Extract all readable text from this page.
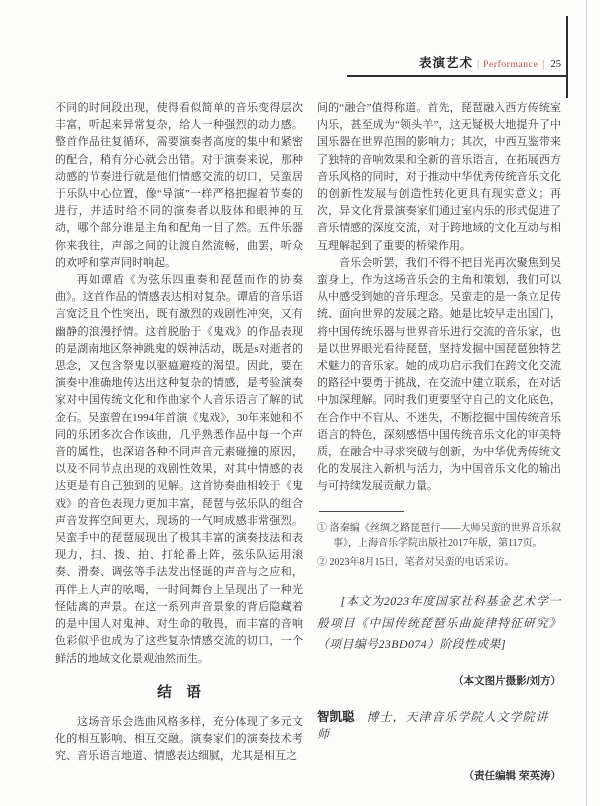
表演艺术 | Performance | 25

不同的时间段出现，使得看似简单的音乐变得层次丰富，听起来异常复杂，给人一种强烈的动力感。整首作品往复循环，需要演奏者高度的集中和紧密的配合，稍有分心就会出错。对于演奏来说，那种动感的节奏进行就是他们情感交流的切口，吴蛮居于乐队中心位置，像“导演”一样严格把握着节奏的进行，并适时给不同的演奏者以肢体和眼神的互动，哪个部分谁是主角和配角一目了然。五件乐器你来我往，声部之间的让渡自然流畅，曲罢，听众的欢呼和掌声同时响起。

再如谭盾《为弦乐四重奏和琵琶而作的协奏曲》。这首作品的情感表达相对复杂。谭盾的音乐语言宽泛且个性突出，既有激烈的戏剧性冲突，又有幽静的浪漫抒情。这首脱胎于《鬼戏》的作品表现的是湖南地区祭神跳鬼的娱神活动，既是s对逝者的思念，又包含祭鬼以驱瘟避疫的渴望。因此，要在演奏中准确地传达出这种复杂的情感，是考验演奏家对中国传统文化和作曲家个人音乐语言了解的试金石。吴蛮曾在1994年首演《鬼戏》，30年来她和不同的乐团多次合作该曲，几乎熟悉作品中每一个声音的属性，也深谙各种不同声音元素碰撞的原因，以及不同节点出现的戏剧性效果，对其中情感的表达更是有自己独到的见解。这首协奏曲相较于《鬼戏》的音色表现力更加丰富，琵琶与弦乐队的组合声音发挥空间更大，现场的一气呵成感非常强烈。吴蛮手中的琵琶展现出了极其丰富的演奏技法和表现力，扫、拨、拍、打轮番上阵，弦乐队运用滚奏、滑奏、调弦等手法发出怪诞的声音与之应和，再伴上人声的吆喝，一时间舞台上呈现出了一种光怪陆离的声景。在这一系列声音景象的背后隐藏着的是中国人对鬼神、对生命的敬畏，而丰富的音响色彩似乎也成为了这些复杂情感交流的切口，一个鲜活的地域文化景观油然而生。

结　语

这场音乐会选曲风格多样，充分体现了多元文化的相互影响、相互交融。演奏家们的演奏技术考究、音乐语言地道、情感表达细腻，尤其是相互之

间的“融合”值得称道。首先，琵琶融入西方传统室内乐，甚至成为“领头羊”，这无疑极大地提升了中国乐器在世界范围的影响力；其次，中西互鉴带来了独特的音响效果和全新的音乐语言，在拓展西方音乐风格的同时，对于推动中华优秀传统音乐文化的创新性发展与创造性转化更具有现实意义；再次，异文化背景演奏家们通过室内乐的形式促进了音乐情感的深度交流，对于跨地域的文化互动与相互理解起到了重要的桥梁作用。

音乐会听罢，我们不得不把目光再次聚焦到吴蛮身上，作为这场音乐会的主角和策划，我们可以从中感受到她的音乐理念。吴蛮走的是一条立足传统、面向世界的发展之路。她是比较早走出国门，将中国传统乐器与世界音乐进行交流的音乐家，也是以世界眼光看待琵琶，坚持发掘中国琵琶独特艺术魅力的音乐家。她的成功启示我们在跨文化交流的路径中要勇于挑战，在交流中建立联系，在对话中加深理解。同时我们更要坚守自己的文化底色，在合作中不盲从、不迷失，不断挖掘中国传统音乐语言的特色，深刻感悟中国传统音乐文化的审美特质，在融合中寻求突破与创新，为中华优秀传统文化的发展注入新机与活力，为中国音乐文化的输出与可持续发展贡献力量。

① 洛秦编《丝绸之路琵琶行——大师吴蛮的世界音乐叙事》，上海音乐学院出版社2017年版，第117页。

② 2023年8月15日，笔者对吴蛮的电话采访。

[本文为2023年度国家社科基金艺术学一般项目《中国传统琵琶乐曲旋律特征研究》（项目编号23BD074）阶段性成果]

（本文图片摄影/刘方）

智凯聪 博士，天津音乐学院人文学院讲师

（责任编辑 荣英涛）
